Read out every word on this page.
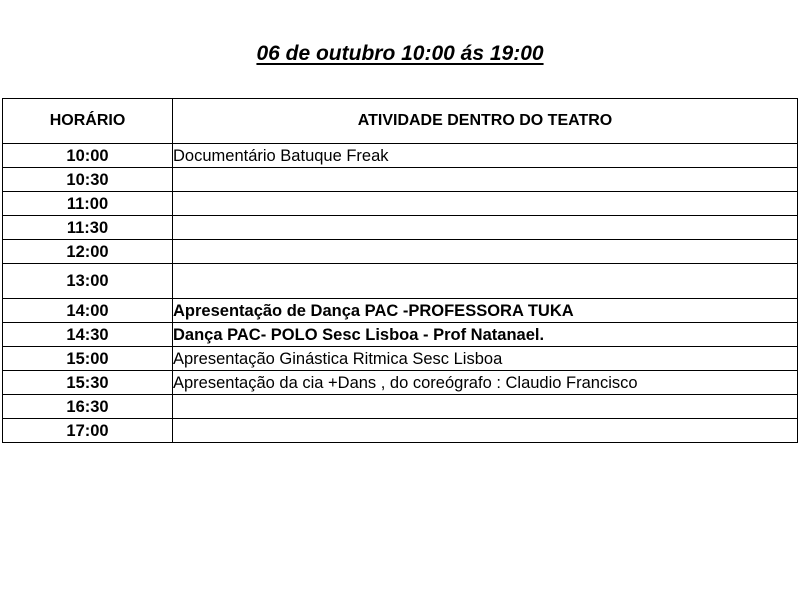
06 de outubro 10:00 ás 19:00
HORÁRIO	ATIVIDADE DENTRO DO TEATRO
10:00	Documentário Batuque Freak
10:30	
11:00	
11:30	
12:00	
13:00	
14:00	Apresentação de Dança PAC -PROFESSORA TUKA
14:30	Dança PAC- POLO Sesc Lisboa - Prof Natanael.
15:00	Apresentação Ginástica Ritmica Sesc Lisboa
15:30	Apresentação da cia +Dans , do coreógrafo : Claudio Francisco
16:30	
17:00	
